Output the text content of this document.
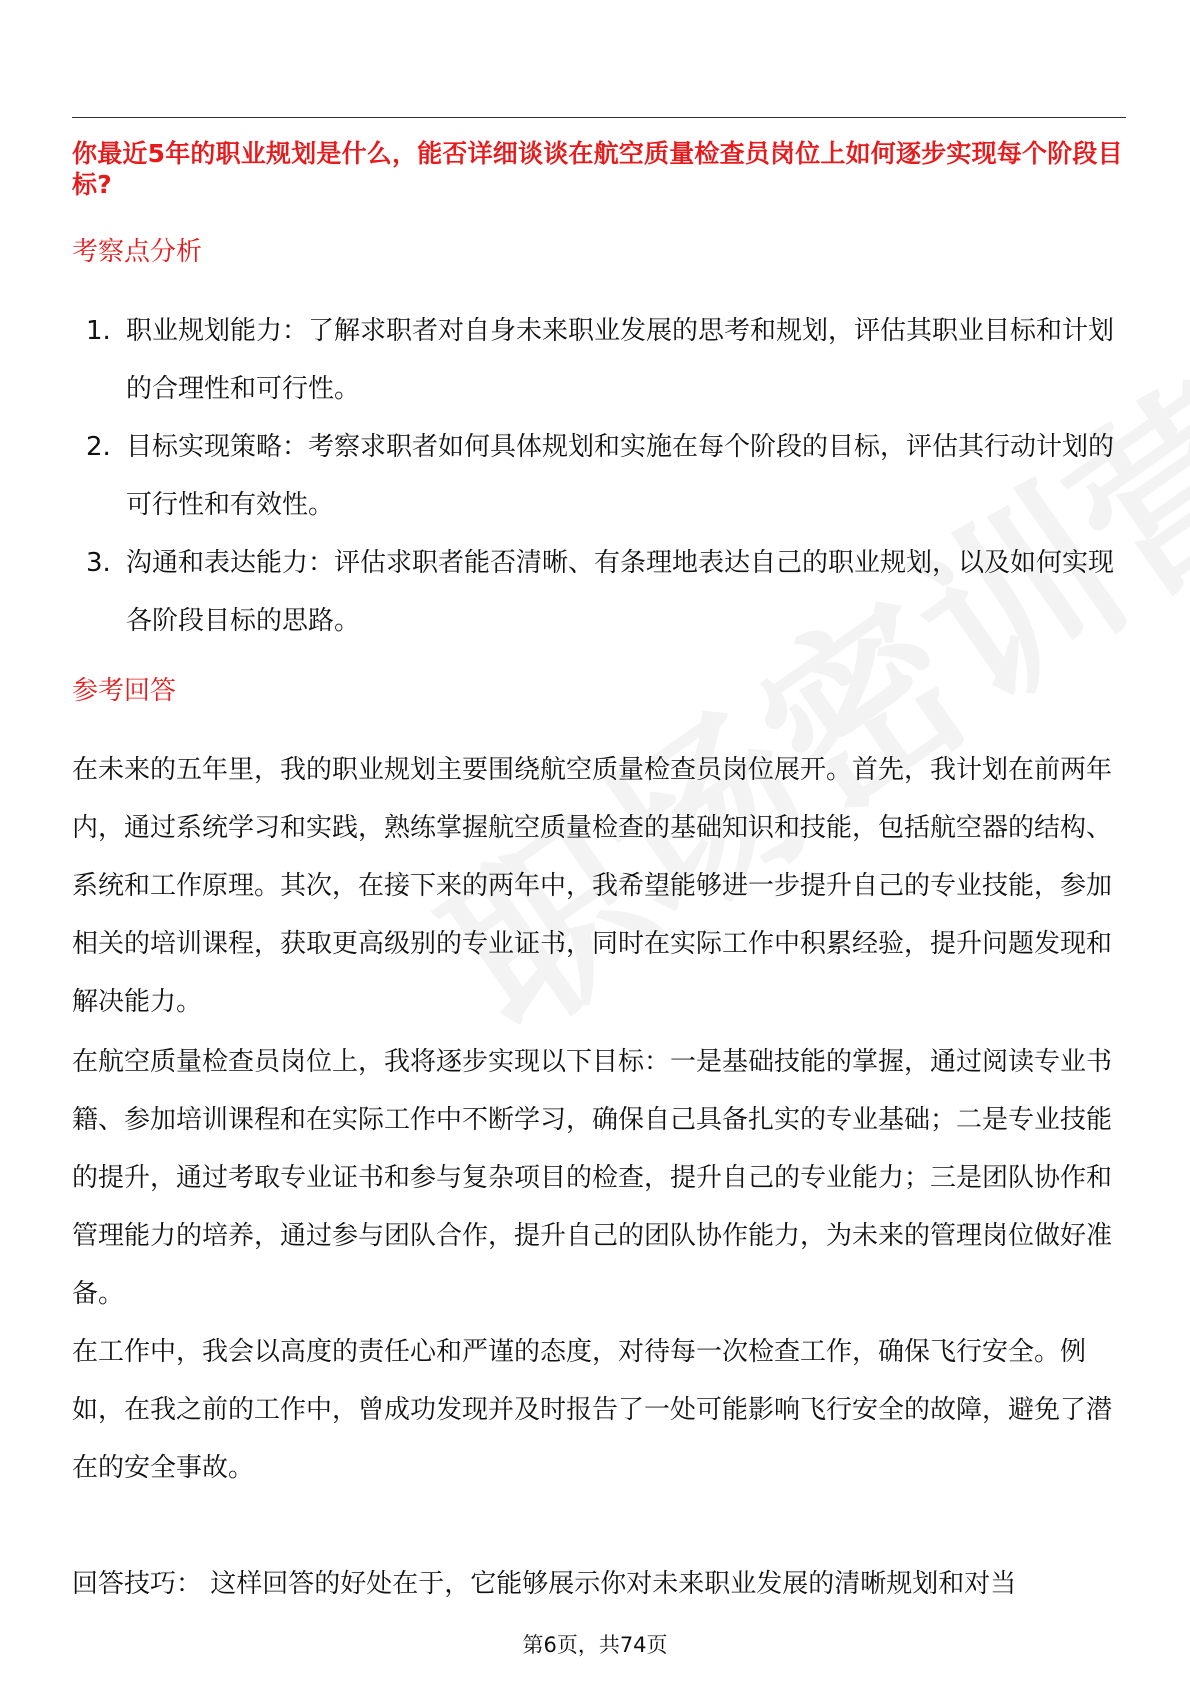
你最近5年的职业规划是什么，能否详细谈谈在航空质量检查员岗位上如何逐步实现每个阶段目标?
考察点分析
1. 职业规划能力：了解求职者对自身未来职业发展的思考和规划，评估其职业目标和计划的合理性和可行性。
2. 目标实现策略：考察求职者如何具体规划和实施在每个阶段的目标，评估其行动计划的可行性和有效性。
3. 沟通和表达能力：评估求职者能否清晰、有条理地表达自己的职业规划，以及如何实现各阶段目标的思路。
参考回答

在未来的五年里，我的职业规划主要围绕航空质量检查员岗位展开。首先，我计划在前两年内，通过系统学习和实践，熟练掌握航空质量检查的基础知识和技能，包括航空器的结构、系统和工作原理。其次，在接下来的两年中，我希望能够进一步提升自己的专业技能，参加相关的培训课程，获取更高级别的专业证书，同时在实际工作中积累经验，提升问题发现和解决能力。

在航空质量检查员岗位上，我将逐步实现以下目标：一是基础技能的掌握，通过阅读专业书籍、参加培训课程和在实际工作中不断学习，确保自己具备扎实的专业基础；二是专业技能的提升，通过考取专业证书和参与复杂项目的检查，提升自己的专业能力；三是团队协作和管理能力的培养，通过参与团队合作，提升自己的团队协作能力，为未来的管理岗位做好准备。

在工作中，我会以高度的责任心和严谨的态度，对待每一次检查工作，确保飞行安全。例如，在我之前的工作中，曾成功发现并及时报告了一处可能影响飞行安全的故障，避免了潜在的安全事故。

回答技巧： 这样回答的好处在于，它能够展示你对未来职业发展的清晰规划和对当

第6页，共74页
